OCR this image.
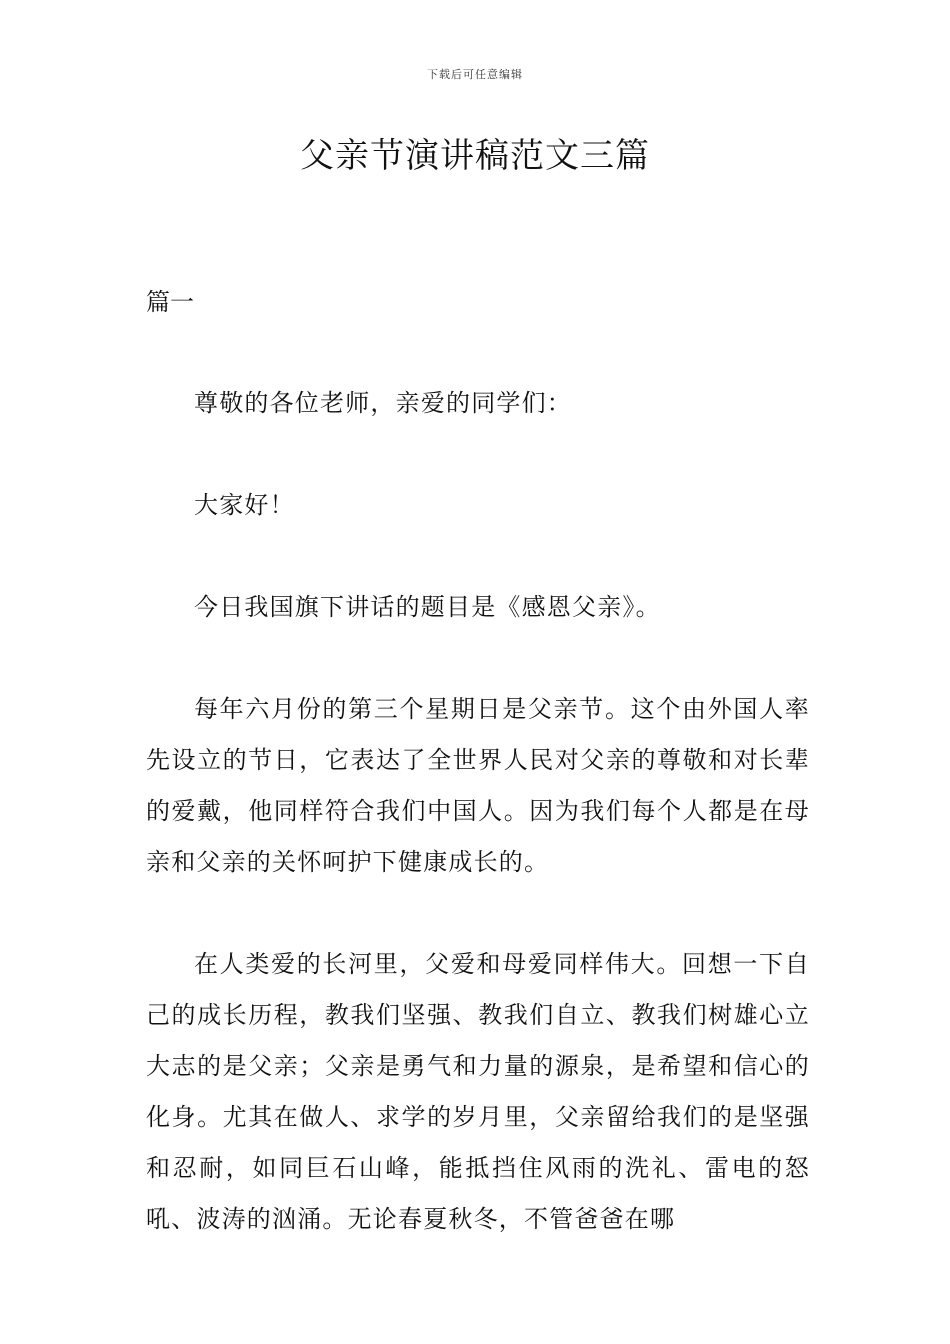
下载后可任意编辑
父亲节演讲稿范文三篇
篇一

尊敬的各位老师，亲爱的同学们：

大家好！

今日我国旗下讲话的题目是《感恩父亲》。

每年六月份的第三个星期日是父亲节。这个由外国人率先设立的节日，它表达了全世界人民对父亲的尊敬和对长辈的爱戴，他同样符合我们中国人。因为我们每个人都是在母亲和父亲的关怀呵护下健康成长的。

在人类爱的长河里，父爱和母爱同样伟大。回想一下自己的成长历程，教我们坚强、教我们自立、教我们树雄心立大志的是父亲；父亲是勇气和力量的源泉，是希望和信心的化身。尤其在做人、求学的岁月里，父亲留给我们的是坚强和忍耐，如同巨石山峰，能抵挡住风雨的洗礼、雷电的怒吼、波涛的汹涌。无论春夏秋冬，不管爸爸在哪
